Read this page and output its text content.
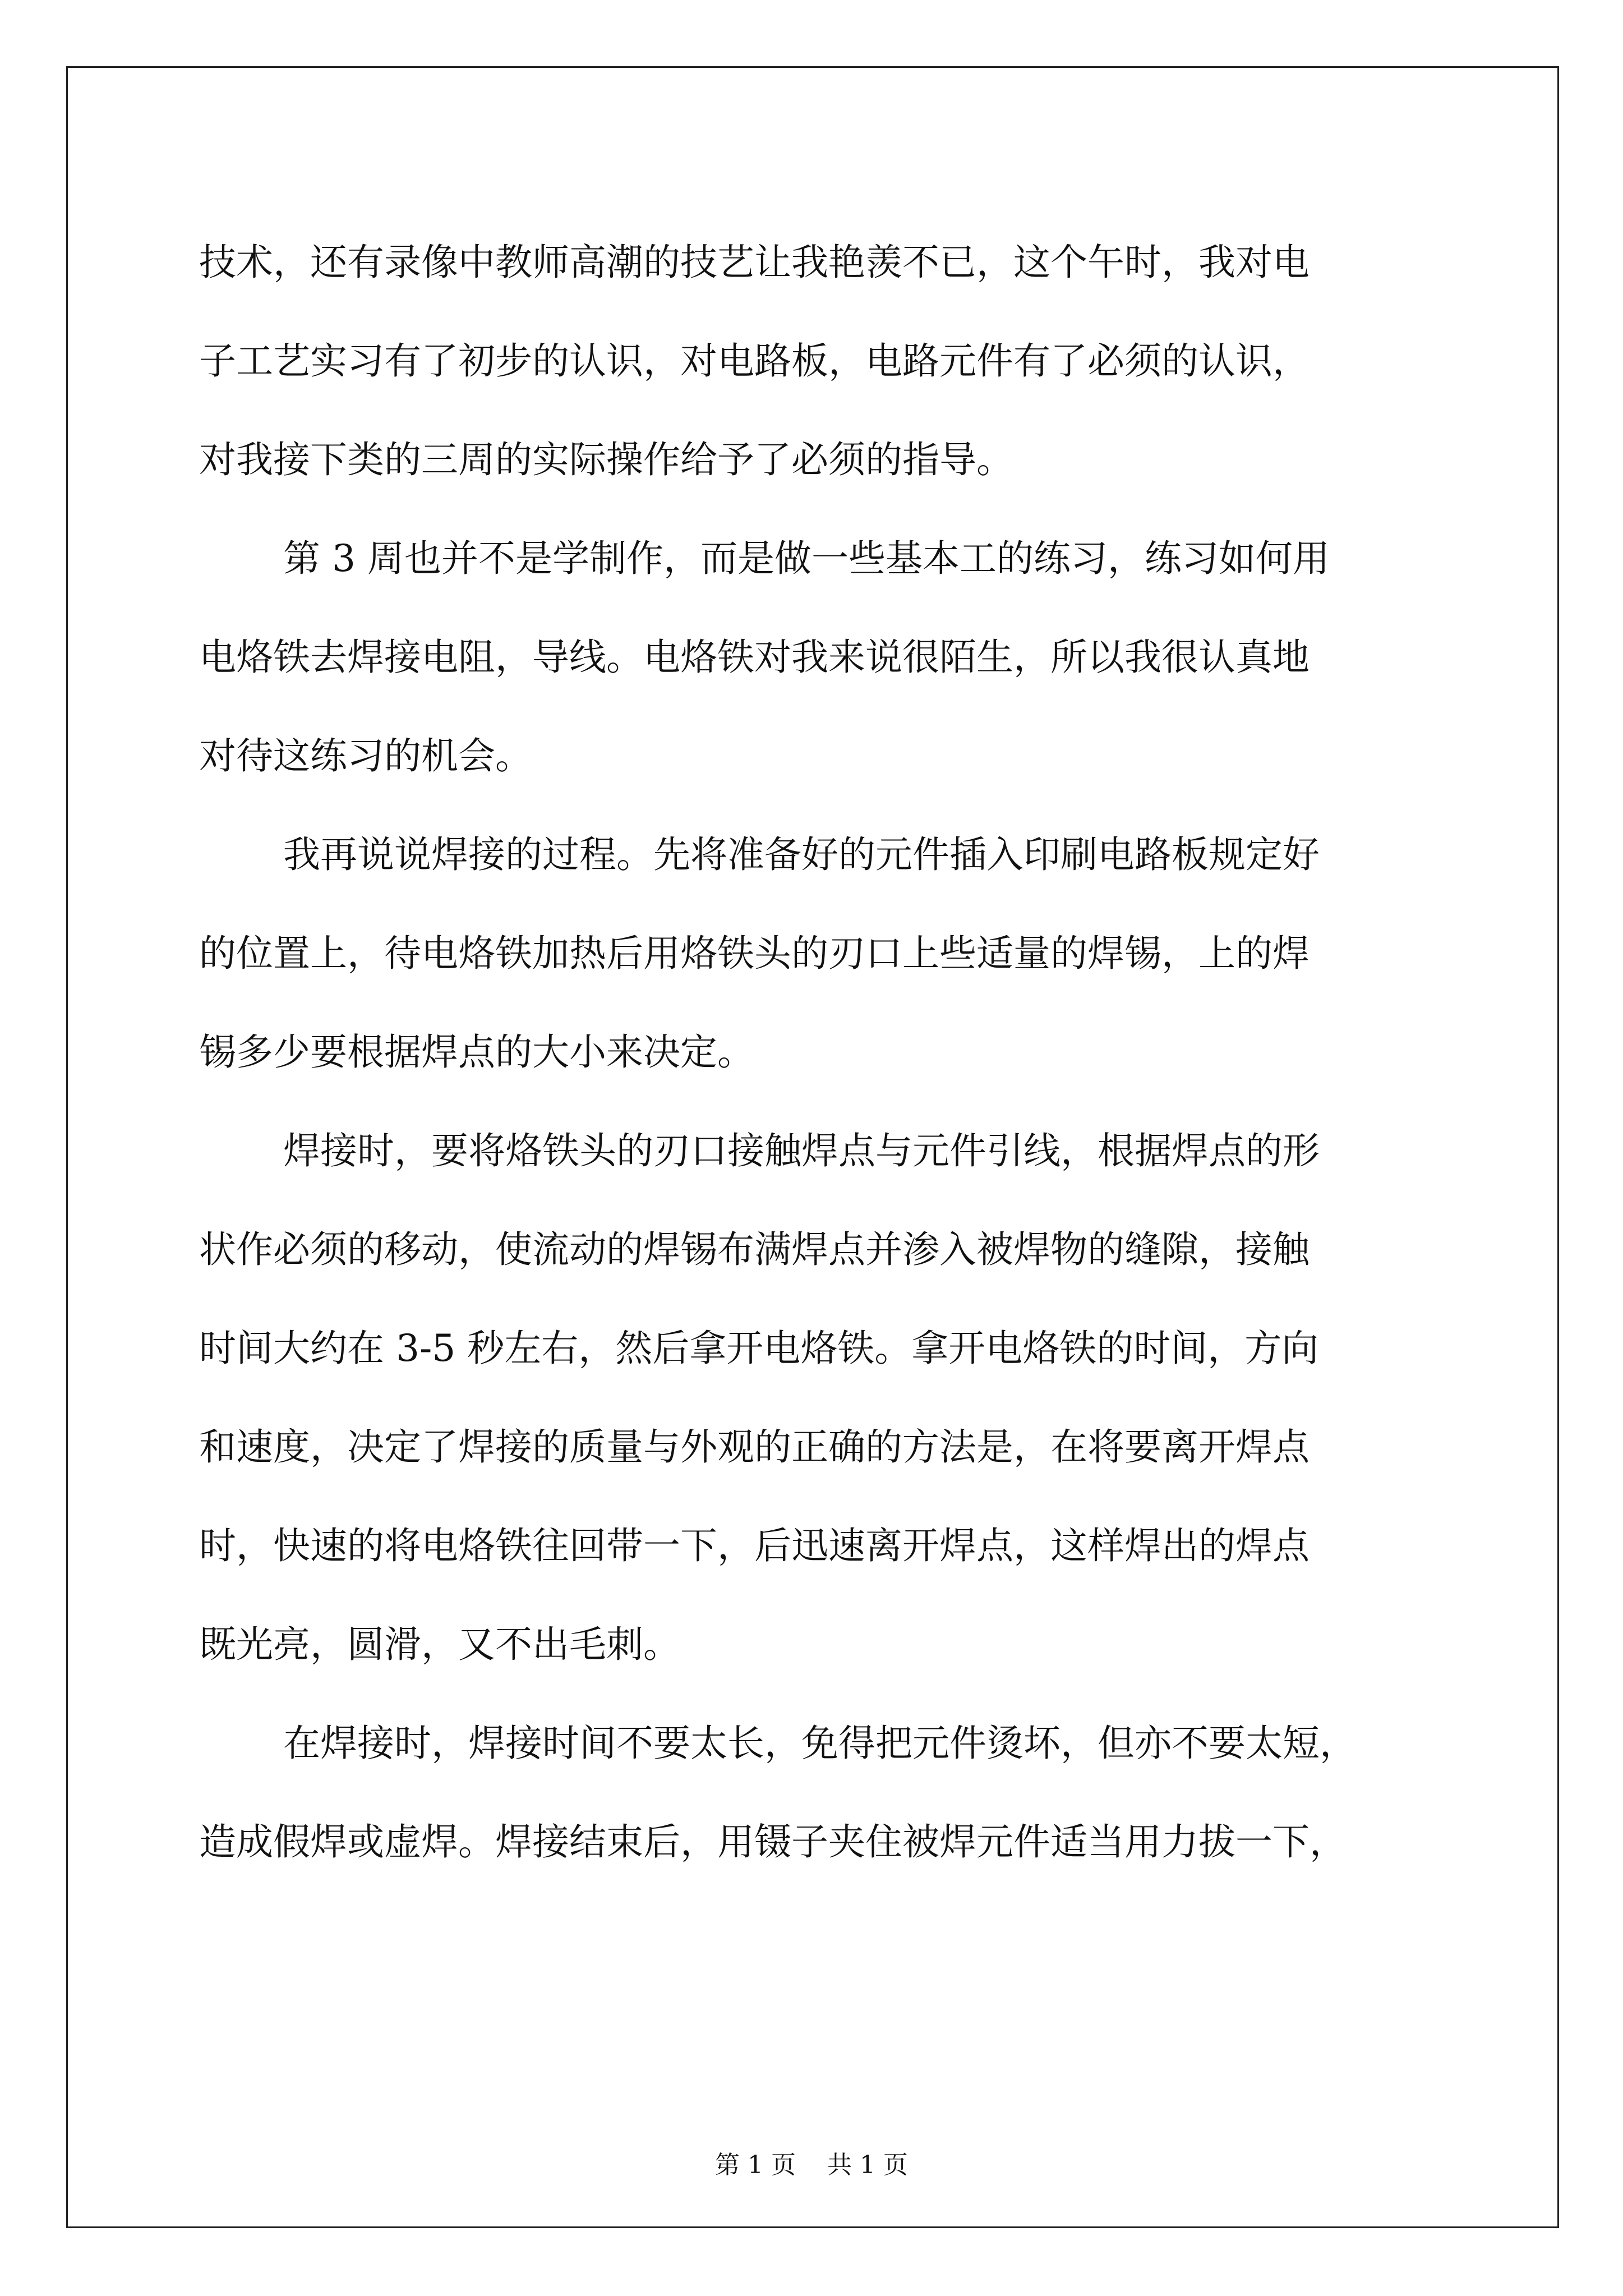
技术，还有录像中教师高潮的技艺让我艳羡不已，这个午时，我对电
子工艺实习有了初步的认识，对电路板，电路元件有了必须的认识，
对我接下类的三周的实际操作给予了必须的指导。
第 3 周也并不是学制作，而是做一些基本工的练习，练习如何用
电烙铁去焊接电阻，导线。电烙铁对我来说很陌生，所以我很认真地
对待这练习的机会。
我再说说焊接的过程。先将准备好的元件插入印刷电路板规定好
的位置上，待电烙铁加热后用烙铁头的刃口上些适量的焊锡，上的焊
锡多少要根据焊点的大小来决定。
焊接时，要将烙铁头的刃口接触焊点与元件引线，根据焊点的形
状作必须的移动，使流动的焊锡布满焊点并渗入被焊物的缝隙，接触
时间大约在 3-5 秒左右，然后拿开电烙铁。拿开电烙铁的时间，方向
和速度，决定了焊接的质量与外观的正确的方法是，在将要离开焊点
时，快速的将电烙铁往回带一下，后迅速离开焊点，这样焊出的焊点
既光亮，圆滑，又不出毛刺。
在焊接时，焊接时间不要太长，免得把元件烫坏，但亦不要太短，
造成假焊或虚焊。焊接结束后，用镊子夹住被焊元件适当用力拔一下，
第 1 页    共 1 页
